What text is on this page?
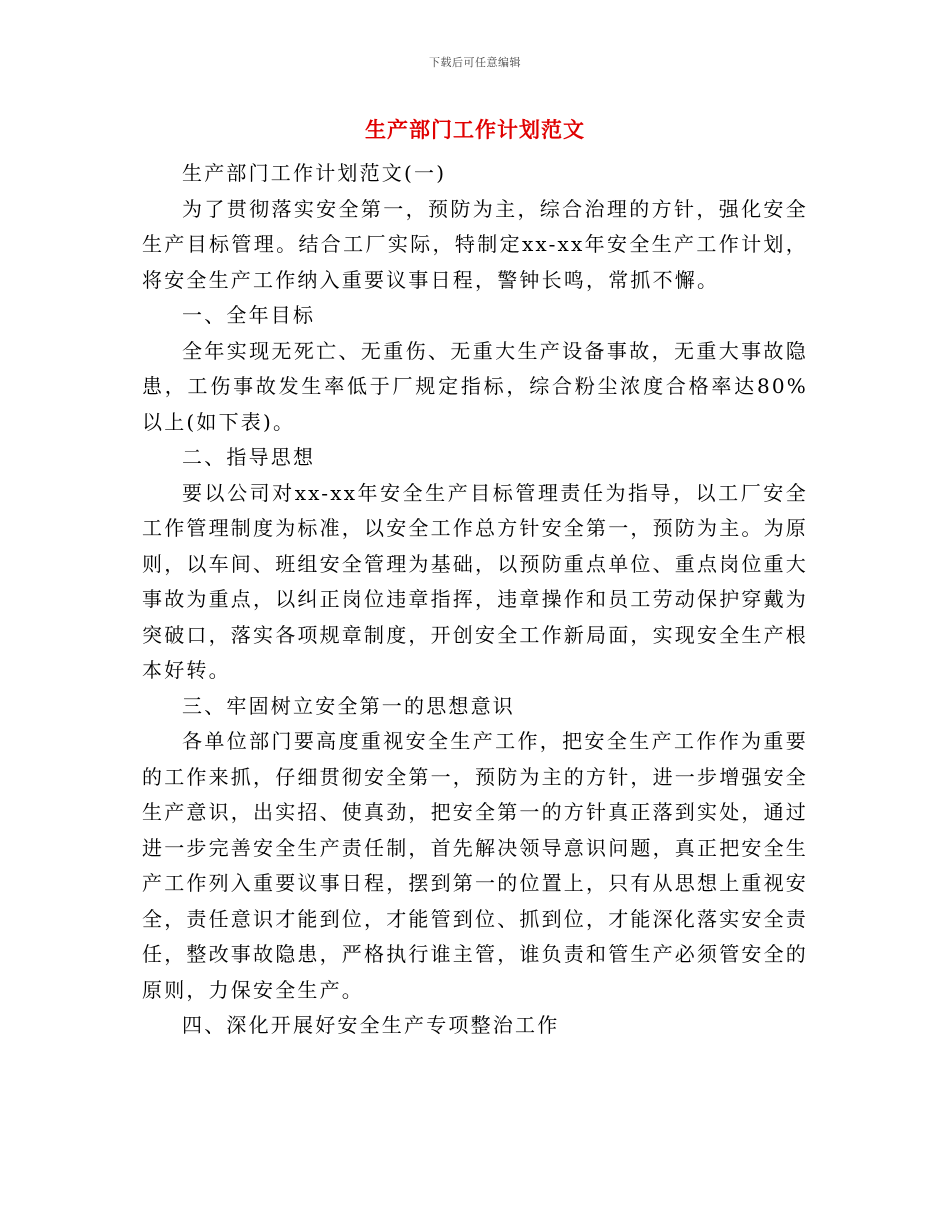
下载后可任意编辑
生产部门工作计划范文

生产部门工作计划范文(一)

为了贯彻落实安全第一，预防为主，综合治理的方针，强化安全生产目标管理。结合工厂实际，特制定xx-xx年安全生产工作计划，将安全生产工作纳入重要议事日程，警钟长鸣，常抓不懈。

一、全年目标

全年实现无死亡、无重伤、无重大生产设备事故，无重大事故隐患，工伤事故发生率低于厂规定指标，综合粉尘浓度合格率达80%以上(如下表)。

二、指导思想

要以公司对xx-xx年安全生产目标管理责任为指导，以工厂安全工作管理制度为标准，以安全工作总方针安全第一，预防为主。为原则，以车间、班组安全管理为基础，以预防重点单位、重点岗位重大事故为重点，以纠正岗位违章指挥，违章操作和员工劳动保护穿戴为突破口，落实各项规章制度，开创安全工作新局面，实现安全生产根本好转。

三、牢固树立安全第一的思想意识

各单位部门要高度重视安全生产工作，把安全生产工作作为重要的工作来抓，仔细贯彻安全第一，预防为主的方针，进一步增强安全生产意识，出实招、使真劲，把安全第一的方针真正落到实处，通过进一步完善安全生产责任制，首先解决领导意识问题，真正把安全生产工作列入重要议事日程，摆到第一的位置上，只有从思想上重视安全，责任意识才能到位，才能管到位、抓到位，才能深化落实安全责任，整改事故隐患，严格执行谁主管，谁负责和管生产必须管安全的原则，力保安全生产。

四、深化开展好安全生产专项整治工作
